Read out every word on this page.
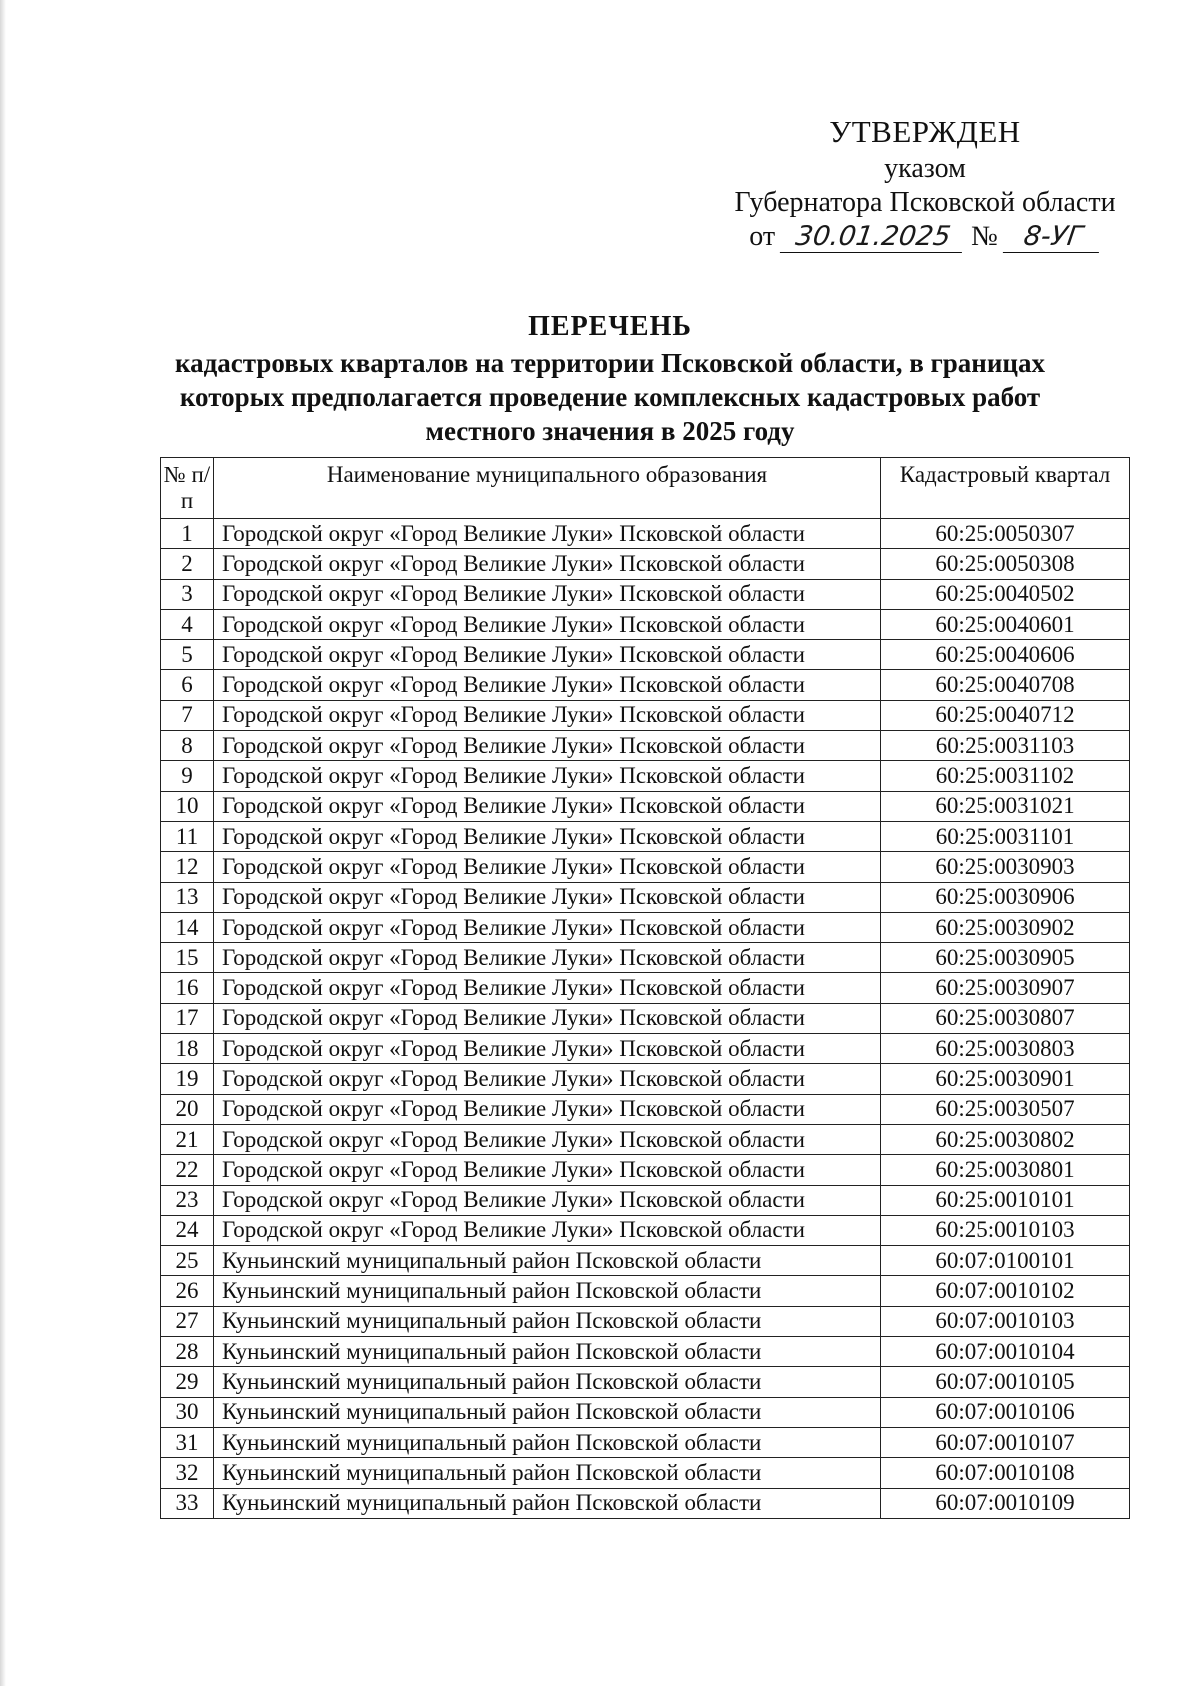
УТВЕРЖДЕН
указом
Губернатора Псковской области
от 30.01.2025 № 8-УГ
ПЕРЕЧЕНЬ
кадастровых кварталов на территории Псковской области, в границах которых предполагается проведение комплексных кадастровых работ местного значения в 2025 году
№ п/п	Наименование муниципального образования	Кадастровый квартал
1	Городской округ «Город Великие Луки» Псковской области	60:25:0050307
2	Городской округ «Город Великие Луки» Псковской области	60:25:0050308
3	Городской округ «Город Великие Луки» Псковской области	60:25:0040502
4	Городской округ «Город Великие Луки» Псковской области	60:25:0040601
5	Городской округ «Город Великие Луки» Псковской области	60:25:0040606
6	Городской округ «Город Великие Луки» Псковской области	60:25:0040708
7	Городской округ «Город Великие Луки» Псковской области	60:25:0040712
8	Городской округ «Город Великие Луки» Псковской области	60:25:0031103
9	Городской округ «Город Великие Луки» Псковской области	60:25:0031102
10	Городской округ «Город Великие Луки» Псковской области	60:25:0031021
11	Городской округ «Город Великие Луки» Псковской области	60:25:0031101
12	Городской округ «Город Великие Луки» Псковской области	60:25:0030903
13	Городской округ «Город Великие Луки» Псковской области	60:25:0030906
14	Городской округ «Город Великие Луки» Псковской области	60:25:0030902
15	Городской округ «Город Великие Луки» Псковской области	60:25:0030905
16	Городской округ «Город Великие Луки» Псковской области	60:25:0030907
17	Городской округ «Город Великие Луки» Псковской области	60:25:0030807
18	Городской округ «Город Великие Луки» Псковской области	60:25:0030803
19	Городской округ «Город Великие Луки» Псковской области	60:25:0030901
20	Городской округ «Город Великие Луки» Псковской области	60:25:0030507
21	Городской округ «Город Великие Луки» Псковской области	60:25:0030802
22	Городской округ «Город Великие Луки» Псковской области	60:25:0030801
23	Городской округ «Город Великие Луки» Псковской области	60:25:0010101
24	Городской округ «Город Великие Луки» Псковской области	60:25:0010103
25	Куньинский муниципальный район Псковской области	60:07:0100101
26	Куньинский муниципальный район Псковской области	60:07:0010102
27	Куньинский муниципальный район Псковской области	60:07:0010103
28	Куньинский муниципальный район Псковской области	60:07:0010104
29	Куньинский муниципальный район Псковской области	60:07:0010105
30	Куньинский муниципальный район Псковской области	60:07:0010106
31	Куньинский муниципальный район Псковской области	60:07:0010107
32	Куньинский муниципальный район Псковской области	60:07:0010108
33	Куньинский муниципальный район Псковской области	60:07:0010109
